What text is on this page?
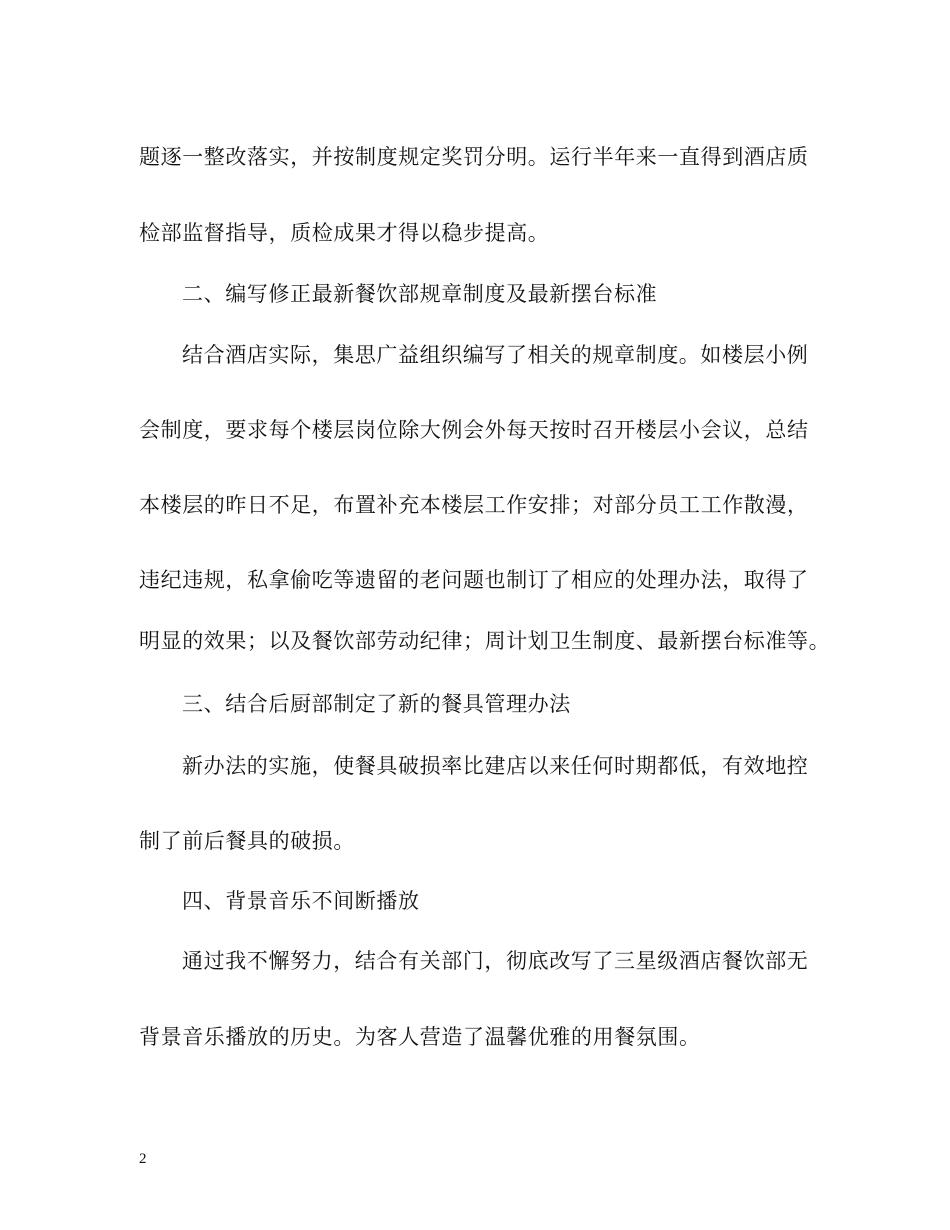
题逐一整改落实，并按制度规定奖罚分明。运行半年来一直得到酒店质
检部监督指导，质检成果才得以稳步提高。
二、编写修正最新餐饮部规章制度及最新摆台标准
结合酒店实际，集思广益组织编写了相关的规章制度。如楼层小例
会制度，要求每个楼层岗位除大例会外每天按时召开楼层小会议，总结
本楼层的昨日不足，布置补充本楼层工作安排；对部分员工工作散漫，
违纪违规，私拿偷吃等遗留的老问题也制订了相应的处理办法，取得了
明显的效果；以及餐饮部劳动纪律；周计划卫生制度、最新摆台标准等。
三、结合后厨部制定了新的餐具管理办法
新办法的实施，使餐具破损率比建店以来任何时期都低，有效地控
制了前后餐具的破损。
四、背景音乐不间断播放
通过我不懈努力，结合有关部门，彻底改写了三星级酒店餐饮部无
背景音乐播放的历史。为客人营造了温馨优雅的用餐氛围。
2
